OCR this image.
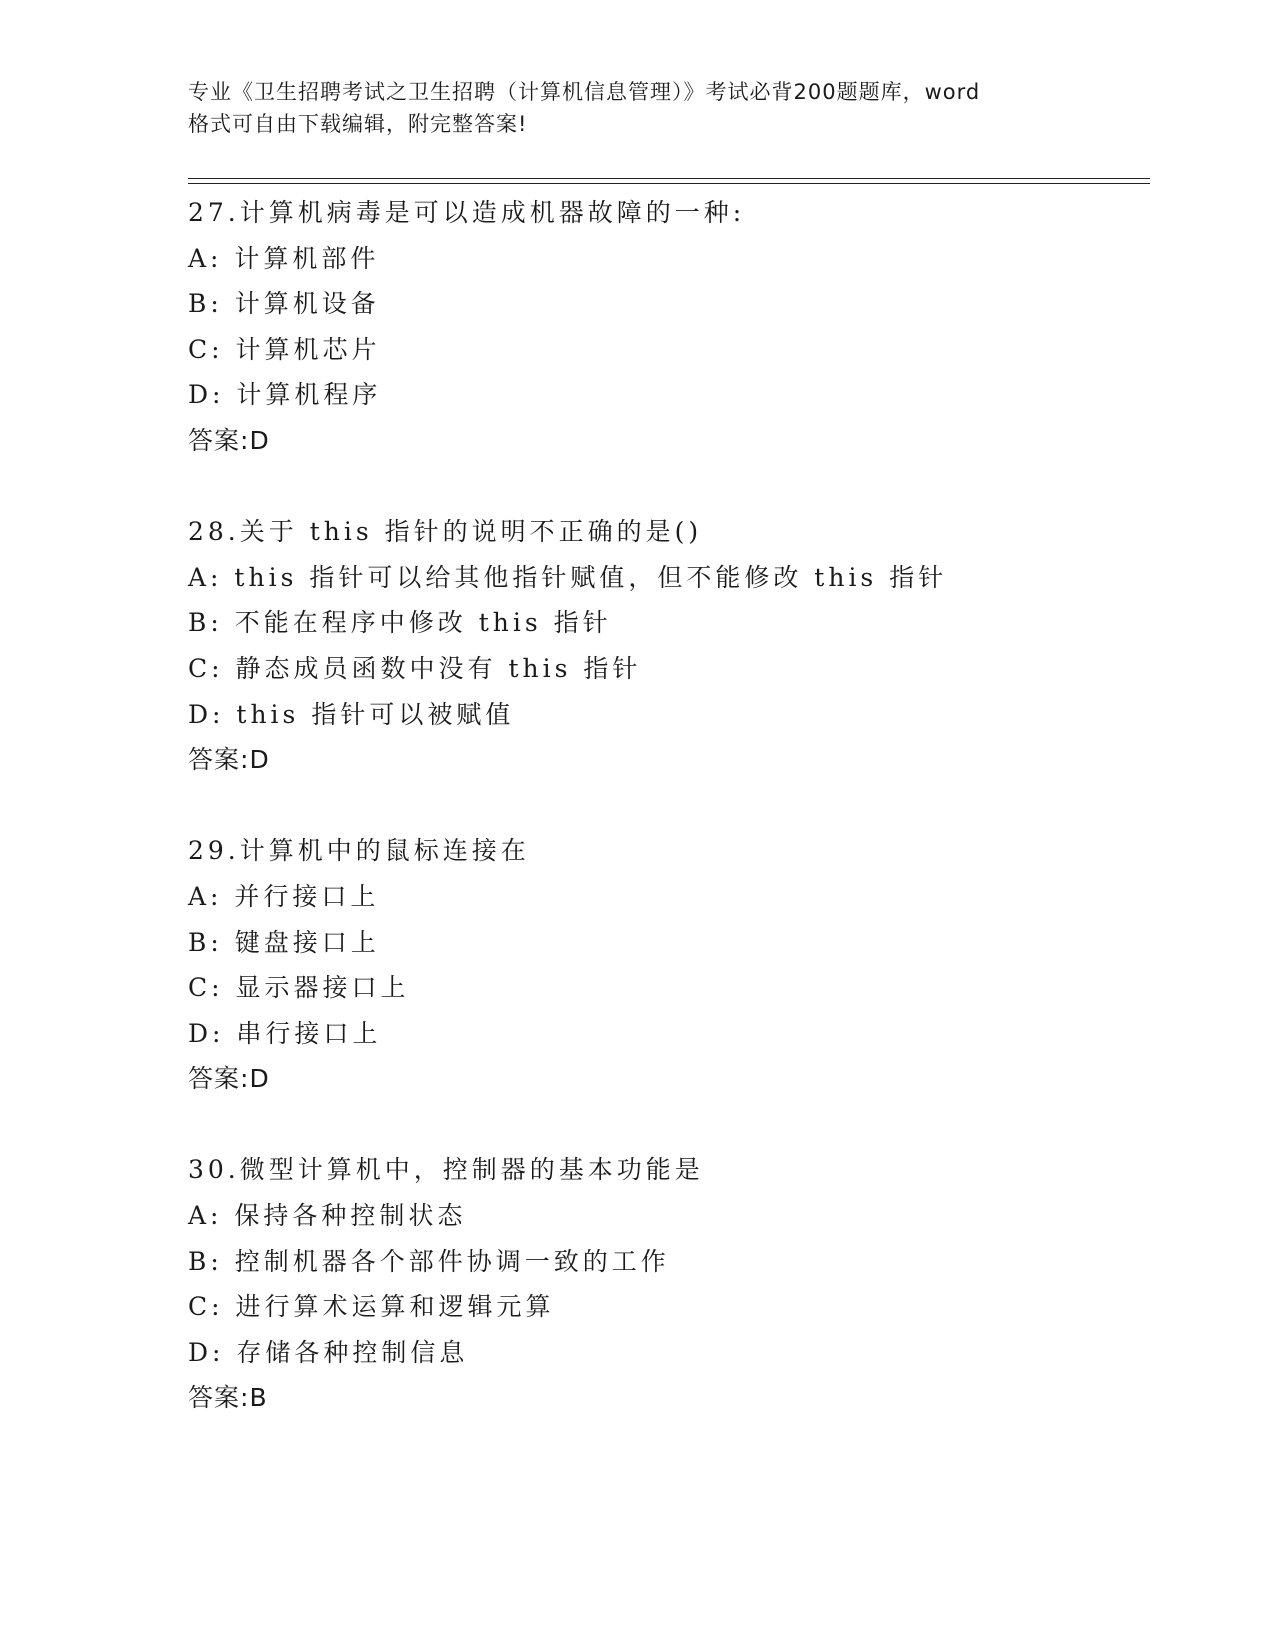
专业《卫生招聘考试之卫生招聘（计算机信息管理）》考试必背200题题库，word
格式可自由下载编辑，附完整答案!
27.计算机病毒是可以造成机器故障的一种:
A: 计算机部件
B: 计算机设备
C: 计算机芯片
D: 计算机程序
答案:D
28.关于 this 指针的说明不正确的是()
A: this 指针可以给其他指针赋值，但不能修改 this 指针
B: 不能在程序中修改 this 指针
C: 静态成员函数中没有 this 指针
D: this 指针可以被赋值
答案:D
29.计算机中的鼠标连接在
A: 并行接口上
B: 键盘接口上
C: 显示器接口上
D: 串行接口上
答案:D
30.微型计算机中，控制器的基本功能是
A: 保持各种控制状态
B: 控制机器各个部件协调一致的工作
C: 进行算术运算和逻辑元算
D: 存储各种控制信息
答案:B
